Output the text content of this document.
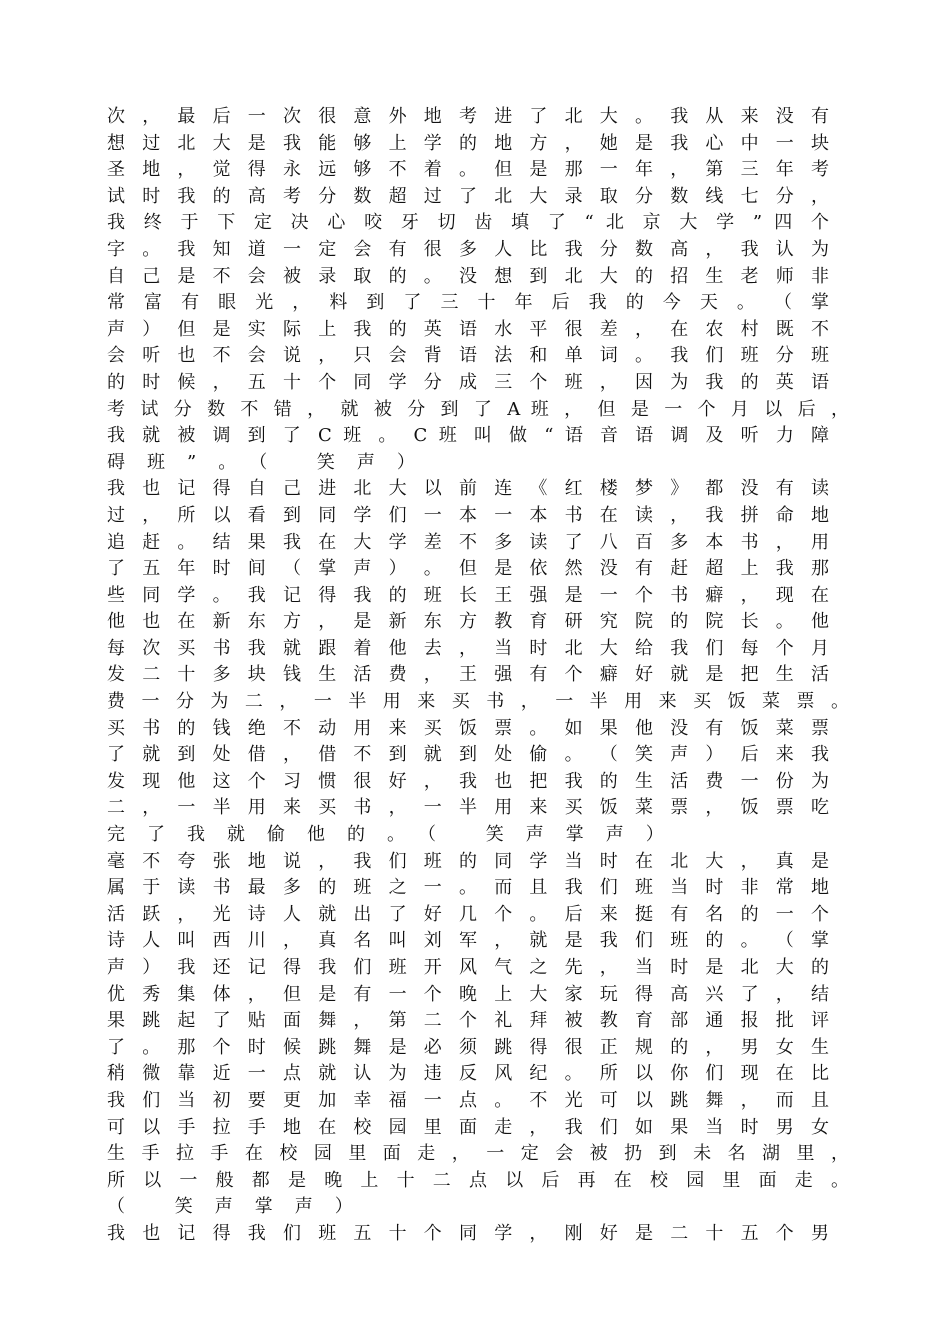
次 ， 最 后 一 次 很 意 外 地 考 进 了 北 大 。 我 从 来 没 有
想 过 北 大 是 我 能 够 上 学 的 地 方 ， 她 是 我 心 中 一 块
圣 地 ， 觉 得 永 远 够 不 着 。 但 是 那 一 年 ， 第 三 年 考
试 时 我 的 高 考 分 数 超 过 了 北 大 录 取 分 数 线 七 分 ，
我 终 于 下 定 决 心 咬 牙 切 齿 填 了 “ 北 京 大 学 ” 四 个
字 。 我 知 道 一 定 会 有 很 多 人 比 我 分 数 高 ， 我 认 为
自 己 是 不 会 被 录 取 的 。 没 想 到 北 大 的 招 生 老 师 非
常 富 有 眼 光 ， 料 到 了 三 十 年 后 我 的 今 天 。 （ 掌
声 ） 但 是 实 际 上 我 的 英 语 水 平 很 差 ， 在 农 村 既 不
会 听 也 不 会 说 ， 只 会 背 语 法 和 单 词 。 我 们 班 分 班
的 时 候 ， 五 十 个 同 学 分 成 三 个 班 ， 因 为 我 的 英 语
考 试 分 数 不 错 ， 就 被 分 到 了 A 班 ， 但 是 一 个 月 以 后 ，
我 就 被 调 到 了 C 班 。 C 班 叫 做 “ 语 音 语 调 及 听 力 障
碍班”。（ 笑声）
我 也 记 得 自 己 进 北 大 以 前 连 《 红 楼 梦 》 都 没 有 读
过 ， 所 以 看 到 同 学 们 一 本 一 本 书 在 读 ， 我 拼 命 地
追 赶 。 结 果 我 在 大 学 差 不 多 读 了 八 百 多 本 书 ， 用
了 五 年 时 间 （ 掌 声 ） 。 但 是 依 然 没 有 赶 超 上 我 那
些 同 学 。 我 记 得 我 的 班 长 王 强 是 一 个 书 癖 ， 现 在
他 也 在 新 东 方 ， 是 新 东 方 教 育 研 究 院 的 院 长 。 他
每 次 买 书 我 就 跟 着 他 去 ， 当 时 北 大 给 我 们 每 个 月
发 二 十 多 块 钱 生 活 费 ， 王 强 有 个 癖 好 就 是 把 生 活
费 一 分 为 二 ， 一 半 用 来 买 书 ， 一 半 用 来 买 饭 菜 票 。
买 书 的 钱 绝 不 动 用 来 买 饭 票 。 如 果 他 没 有 饭 菜 票
了 就 到 处 借 ， 借 不 到 就 到 处 偷 。 （ 笑 声 ） 后 来 我
发 现 他 这 个 习 惯 很 好 ， 我 也 把 我 的 生 活 费 一 份 为
二 ， 一 半 用 来 买 书 ， 一 半 用 来 买 饭 菜 票 ， 饭 票 吃
完了我就偷他的。（ 笑声掌声）
毫 不 夸 张 地 说 ， 我 们 班 的 同 学 当 时 在 北 大 ， 真 是
属 于 读 书 最 多 的 班 之 一 。 而 且 我 们 班 当 时 非 常 地
活 跃 ， 光 诗 人 就 出 了 好 几 个 。 后 来 挺 有 名 的 一 个
诗 人 叫 西 川 ， 真 名 叫 刘 军 ， 就 是 我 们 班 的 。 （ 掌
声 ） 我 还 记 得 我 们 班 开 风 气 之 先 ， 当 时 是 北 大 的
优 秀 集 体 ， 但 是 有 一 个 晚 上 大 家 玩 得 高 兴 了 ， 结
果 跳 起 了 贴 面 舞 ， 第 二 个 礼 拜 被 教 育 部 通 报 批 评
了 。 那 个 时 候 跳 舞 是 必 须 跳 得 很 正 规 的 ， 男 女 生
稍 微 靠 近 一 点 就 认 为 违 反 风 纪 。 所 以 你 们 现 在 比
我 们 当 初 要 更 加 幸 福 一 点 。 不 光 可 以 跳 舞 ， 而 且
可 以 手 拉 手 地 在 校 园 里 面 走 ， 我 们 如 果 当 时 男 女
生 手 拉 手 在 校 园 里 面 走 ， 一 定 会 被 扔 到 未 名 湖 里 ，
所 以 一 般 都 是 晚 上 十 二 点 以 后 再 在 校 园 里 面 走 。
（ 笑声掌声）
我 也 记 得 我 们 班 五 十 个 同 学 ， 刚 好 是 二 十 五 个 男
